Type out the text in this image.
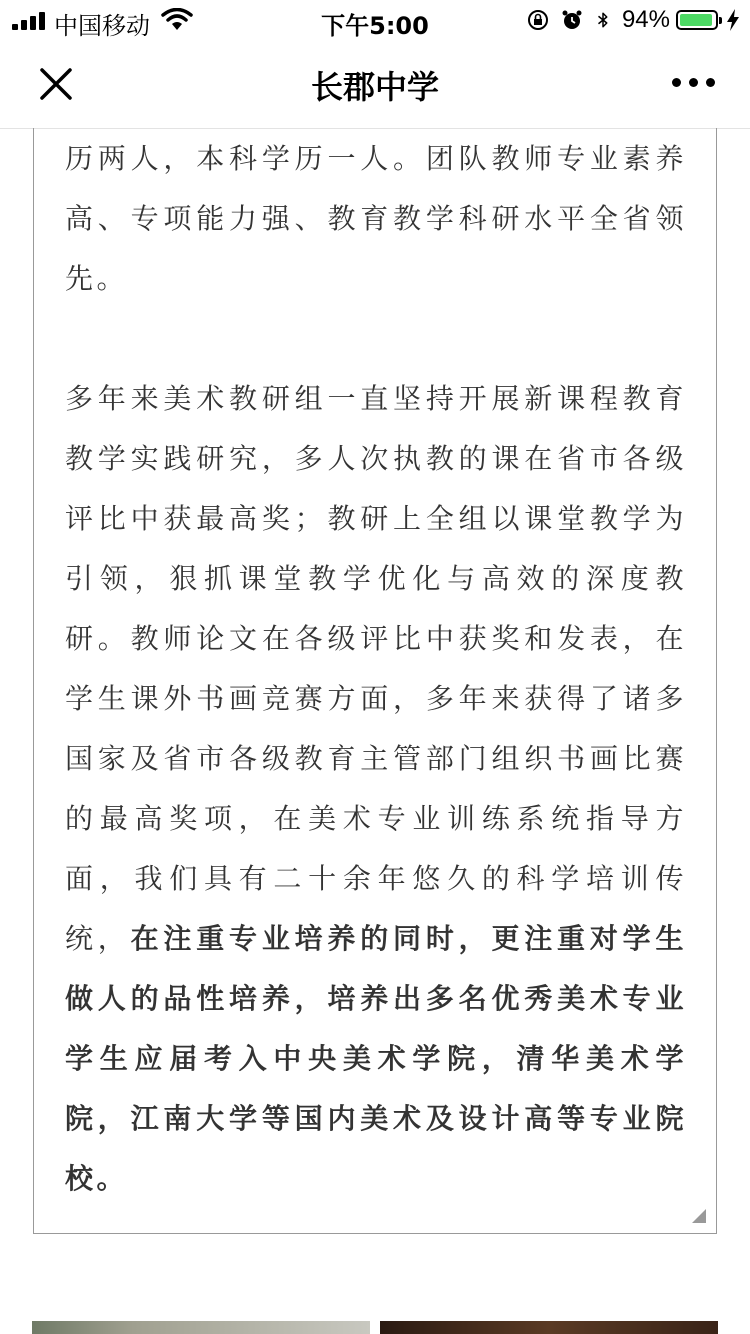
中国移动	下午5:00	94%
长郡中学

历两人，本科学历一人。团队教师专业素养高、专项能力强、教育教学科研水平全省领先。

多年来美术教研组一直坚持开展新课程教育教学实践研究，多人次执教的课在省市各级评比中获最高奖；教研上全组以课堂教学为引领，狠抓课堂教学优化与高效的深度教研。教师论文在各级评比中获奖和发表，在学生课外书画竞赛方面，多年来获得了诸多国家及省市各级教育主管部门组织书画比赛的最高奖项，在美术专业训练系统指导方面，我们具有二十余年悠久的科学培训传统，在注重专业培养的同时，更注重对学生做人的品性培养，培养出多名优秀美术专业学生应届考入中央美术学院，清华美术学院，江南大学等国内美术及设计高等专业院校。
